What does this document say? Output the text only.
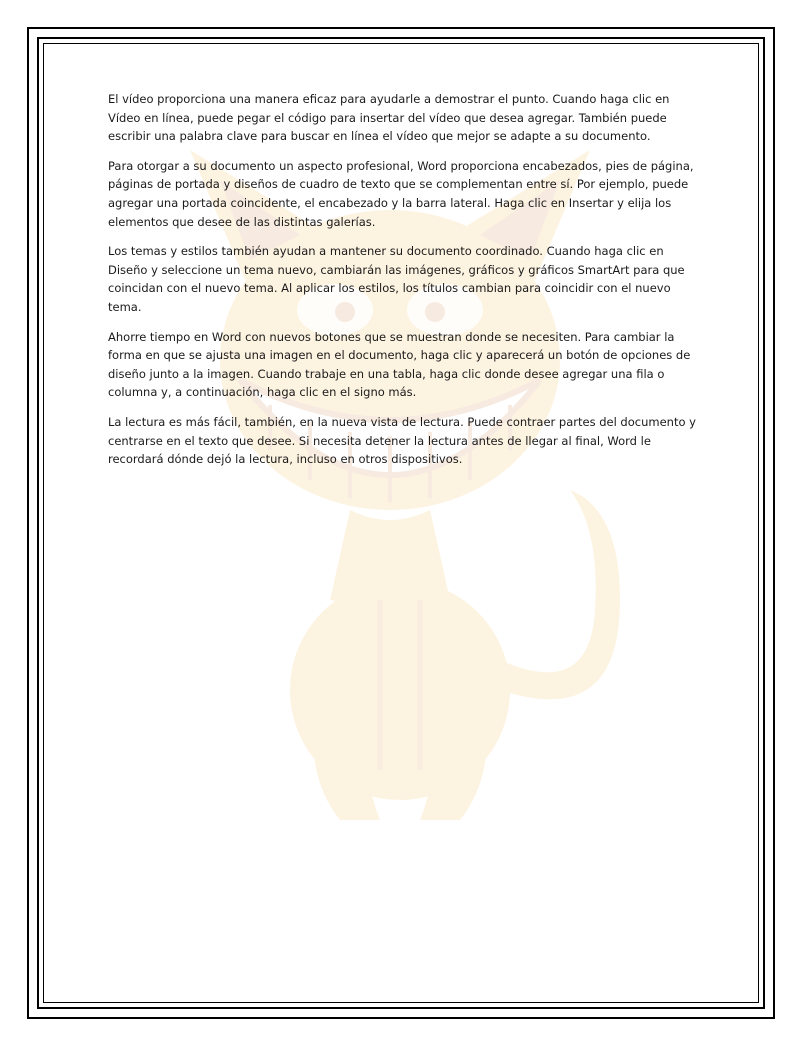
El vídeo proporciona una manera eficaz para ayudarle a demostrar el punto. Cuando haga clic en Vídeo en línea, puede pegar el código para insertar del vídeo que desea agregar. También puede escribir una palabra clave para buscar en línea el vídeo que mejor se adapte a su documento.

Para otorgar a su documento un aspecto profesional, Word proporciona encabezados, pies de página, páginas de portada y diseños de cuadro de texto que se complementan entre sí. Por ejemplo, puede agregar una portada coincidente, el encabezado y la barra lateral. Haga clic en Insertar y elija los elementos que desee de las distintas galerías.

Los temas y estilos también ayudan a mantener su documento coordinado. Cuando haga clic en Diseño y seleccione un tema nuevo, cambiarán las imágenes, gráficos y gráficos SmartArt para que coincidan con el nuevo tema. Al aplicar los estilos, los títulos cambian para coincidir con el nuevo tema.

Ahorre tiempo en Word con nuevos botones que se muestran donde se necesiten. Para cambiar la forma en que se ajusta una imagen en el documento, haga clic y aparecerá un botón de opciones de diseño junto a la imagen. Cuando trabaje en una tabla, haga clic donde desee agregar una fila o columna y, a continuación, haga clic en el signo más.

La lectura es más fácil, también, en la nueva vista de lectura. Puede contraer partes del documento y centrarse en el texto que desee. Si necesita detener la lectura antes de llegar al final, Word le recordará dónde dejó la lectura, incluso en otros dispositivos.
